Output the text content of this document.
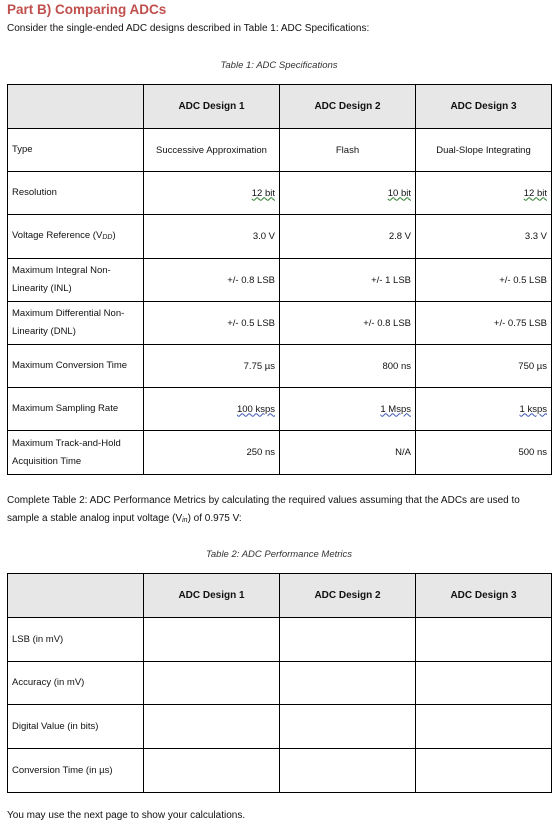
Part B) Comparing ADCs
Consider the single-ended ADC designs described in Table 1: ADC Specifications:
Table 1: ADC Specifications
	ADC Design 1	ADC Design 2	ADC Design 3
Type	Successive Approximation	Flash	Dual-Slope Integrating
Resolution	12 bit	10 bit	12 bit
Voltage Reference (VDD)	3.0 V	2.8 V	3.3 V
Maximum Integral Non-Linearity (INL)	+/- 0.8 LSB	+/- 1 LSB	+/- 0.5 LSB
Maximum Differential Non-Linearity (DNL)	+/- 0.5 LSB	+/- 0.8 LSB	+/- 0.75 LSB
Maximum Conversion Time	7.75 µs	800 ns	750 µs
Maximum Sampling Rate	100 ksps	1 Msps	1 ksps
Maximum Track-and-Hold Acquisition Time	250 ns	N/A	500 ns
Complete Table 2: ADC Performance Metrics by calculating the required values assuming that the ADCs are used to sample a stable analog input voltage (Vin) of 0.975 V:
Table 2: ADC Performance Metrics
	ADC Design 1	ADC Design 2	ADC Design 3
LSB (in mV)			
Accuracy (in mV)			
Digital Value (in bits)			
Conversion Time (in µs)			
You may use the next page to show your calculations.
